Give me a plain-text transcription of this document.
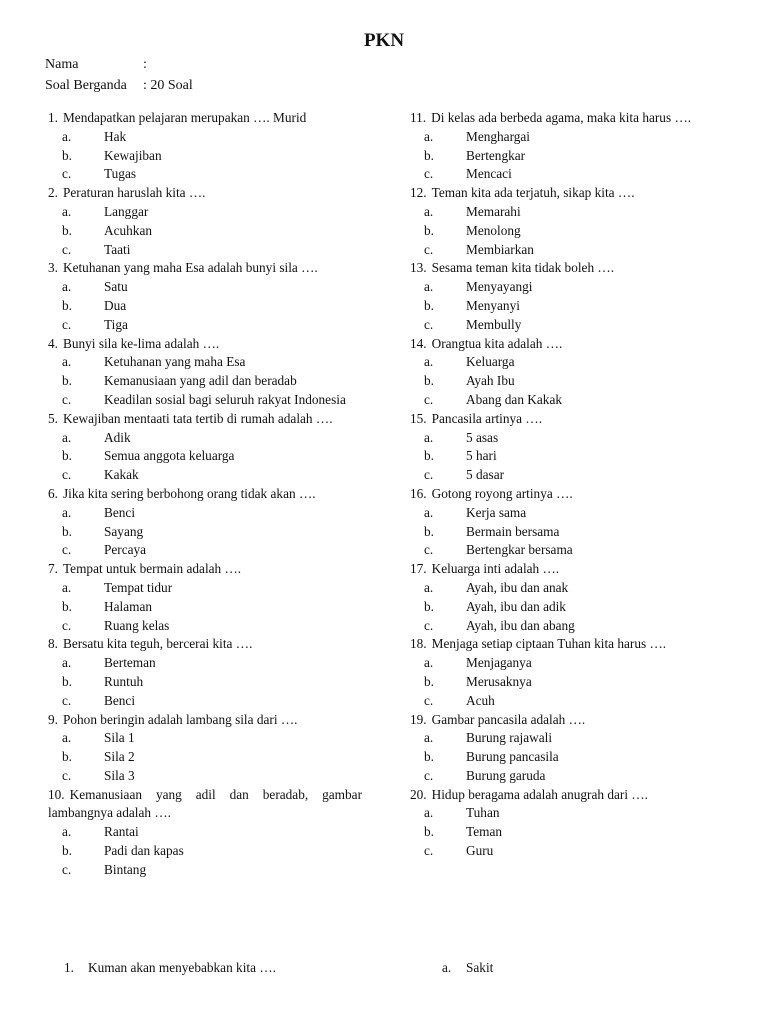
PKN
Nama	:
Soal Berganda : 20 Soal
1. Mendapatkan pelajaran merupakan …. Murid
a.	Hak
b.	Kewajiban
c.	Tugas
2. Peraturan haruslah kita ….
a.	Langgar
b.	Acuhkan
c.	Taati
3. Ketuhanan yang maha Esa adalah bunyi sila ….
a.	Satu
b.	Dua
c.	Tiga
4. Bunyi sila ke-lima adalah ….
a.	Ketuhanan yang maha Esa
b.	Kemanusiaan yang adil dan beradab
c.	Keadilan sosial bagi seluruh rakyat Indonesia
5. Kewajiban mentaati tata tertib di rumah adalah ….
a.	Adik
b.	Semua anggota keluarga
c.	Kakak
6. Jika kita sering berbohong orang tidak akan ….
a.	Benci
b.	Sayang
c.	Percaya
7. Tempat untuk bermain adalah ….
a.	Tempat tidur
b.	Halaman
c.	Ruang kelas
8. Bersatu kita teguh, bercerai kita ….
a.	Berteman
b.	Runtuh
c.	Benci
9. Pohon beringin adalah lambang sila dari ….
a.	Sila 1
b.	Sila 2
c.	Sila 3
10. Kemanusiaan yang adil dan beradab, gambar
lambangnya adalah ….
a.	Rantai
b.	Padi dan kapas
c.	Bintang
11. Di kelas ada berbeda agama, maka kita harus ….
a.	Menghargai
b.	Bertengkar
c.	Mencaci
12. Teman kita ada terjatuh, sikap kita ….
a.	Memarahi
b.	Menolong
c.	Membiarkan
13. Sesama teman kita tidak boleh ….
a.	Menyayangi
b.	Menyanyi
c.	Membully
14. Orangtua kita adalah ….
a.	Keluarga
b.	Ayah Ibu
c.	Abang dan Kakak
15. Pancasila artinya ….
a.	5 asas
b.	5 hari
c.	5 dasar
16. Gotong royong artinya ….
a.	Kerja sama
b.	Bermain bersama
c.	Bertengkar bersama
17. Keluarga inti adalah ….
a.	Ayah, ibu dan anak
b.	Ayah, ibu dan adik
c.	Ayah, ibu dan abang
18. Menjaga setiap ciptaan Tuhan kita harus ….
a.	Menjaganya
b.	Merusaknya
c.	Acuh
19. Gambar pancasila adalah ….
a.	Burung rajawali
b.	Burung pancasila
c.	Burung garuda
20. Hidup beragama adalah anugrah dari ….
a.	Tuhan
b.	Teman
c.	Guru
1. Kuman akan menyebabkan kita ….	a. Sakit
